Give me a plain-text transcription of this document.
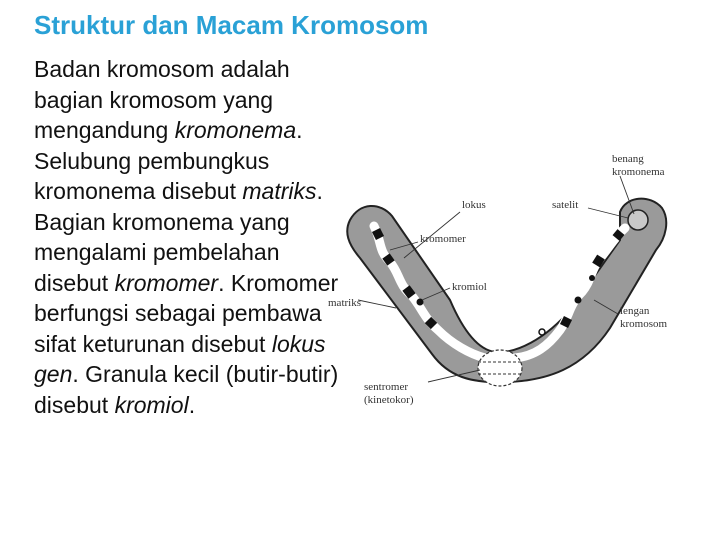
Struktur dan Macam Kromosom

Badan kromosom adalah bagian kromosom yang mengandung kromonema. Selubung pembungkus kromonema disebut matriks. Bagian kromonema yang mengalami pembelahan disebut kromomer. Kromomer berfungsi sebagai pembawa sifat keturunan disebut lokus gen. Granula kecil (butir-butir) disebut kromiol.

benang
kromonema
lokus	satelit
kromomer
kromiol
matriks
lengan
kromosom
sentromer
(kinetokor)
